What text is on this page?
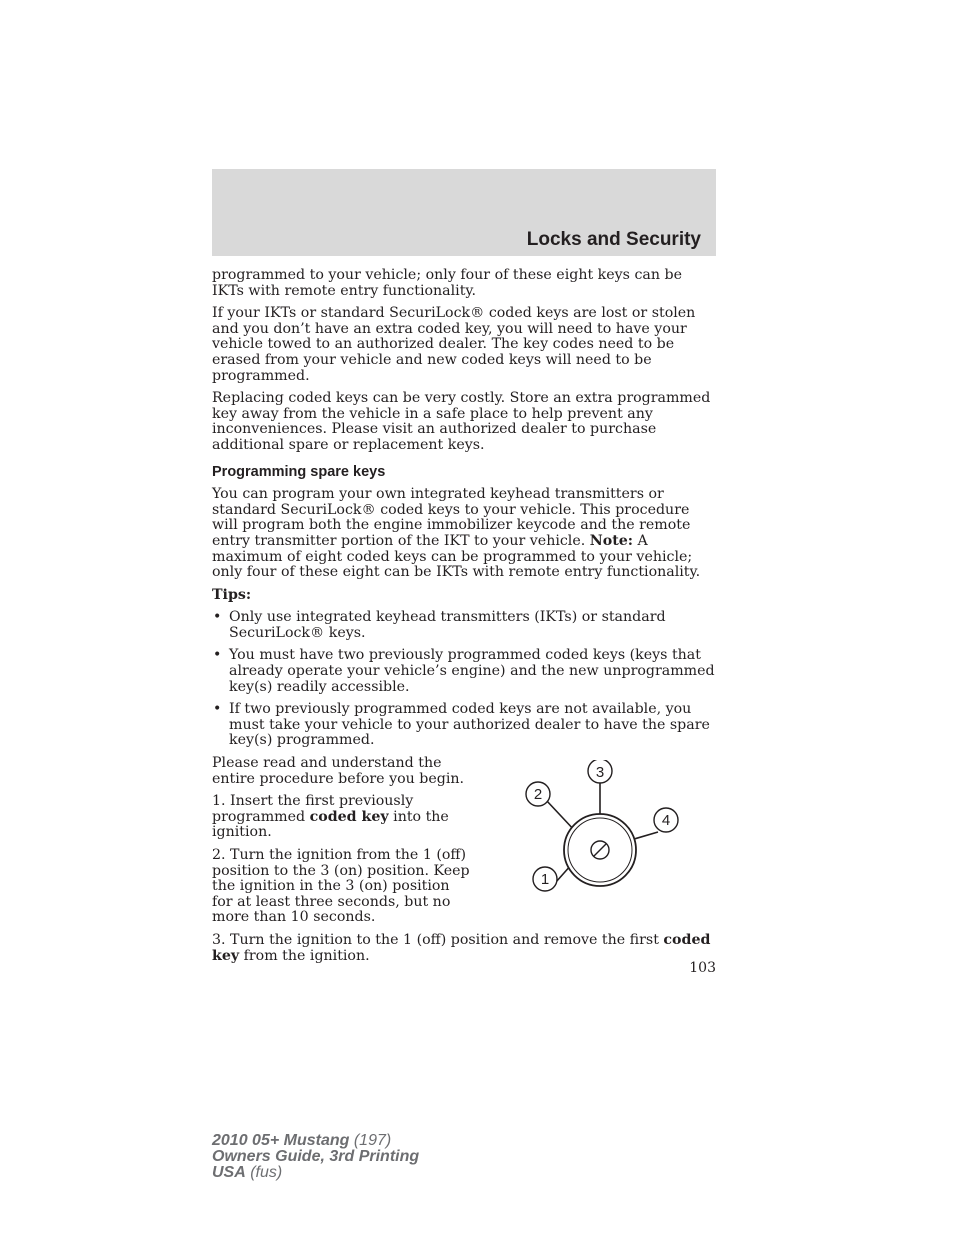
Locks and Security

programmed to your vehicle; only four of these eight keys can be IKTs with remote entry functionality.

If your IKTs or standard SecuriLock® coded keys are lost or stolen and you don’t have an extra coded key, you will need to have your vehicle towed to an authorized dealer. The key codes need to be erased from your vehicle and new coded keys will need to be programmed.

Replacing coded keys can be very costly. Store an extra programmed key away from the vehicle in a safe place to help prevent any inconveniences. Please visit an authorized dealer to purchase additional spare or replacement keys.

Programming spare keys

You can program your own integrated keyhead transmitters or standard SecuriLock® coded keys to your vehicle. This procedure will program both the engine immobilizer keycode and the remote entry transmitter portion of the IKT to your vehicle. Note: A maximum of eight coded keys can be programmed to your vehicle; only four of these eight can be IKTs with remote entry functionality.

Tips:

• Only use integrated keyhead transmitters (IKTs) or standard SecuriLock® keys.
• You must have two previously programmed coded keys (keys that already operate your vehicle’s engine) and the new unprogrammed key(s) readily accessible.
• If two previously programmed coded keys are not available, you must take your vehicle to your authorized dealer to have the spare key(s) programmed.

Please read and understand the entire procedure before you begin.

1. Insert the first previously programmed coded key into the ignition.

2. Turn the ignition from the 1 (off) position to the 3 (on) position. Keep the ignition in the 3 (on) position for at least three seconds, but no more than 10 seconds.

3
2
4
1

3. Turn the ignition to the 1 (off) position and remove the first coded key from the ignition.

103
2010 05+ Mustang (197)
Owners Guide, 3rd Printing
USA (fus)
